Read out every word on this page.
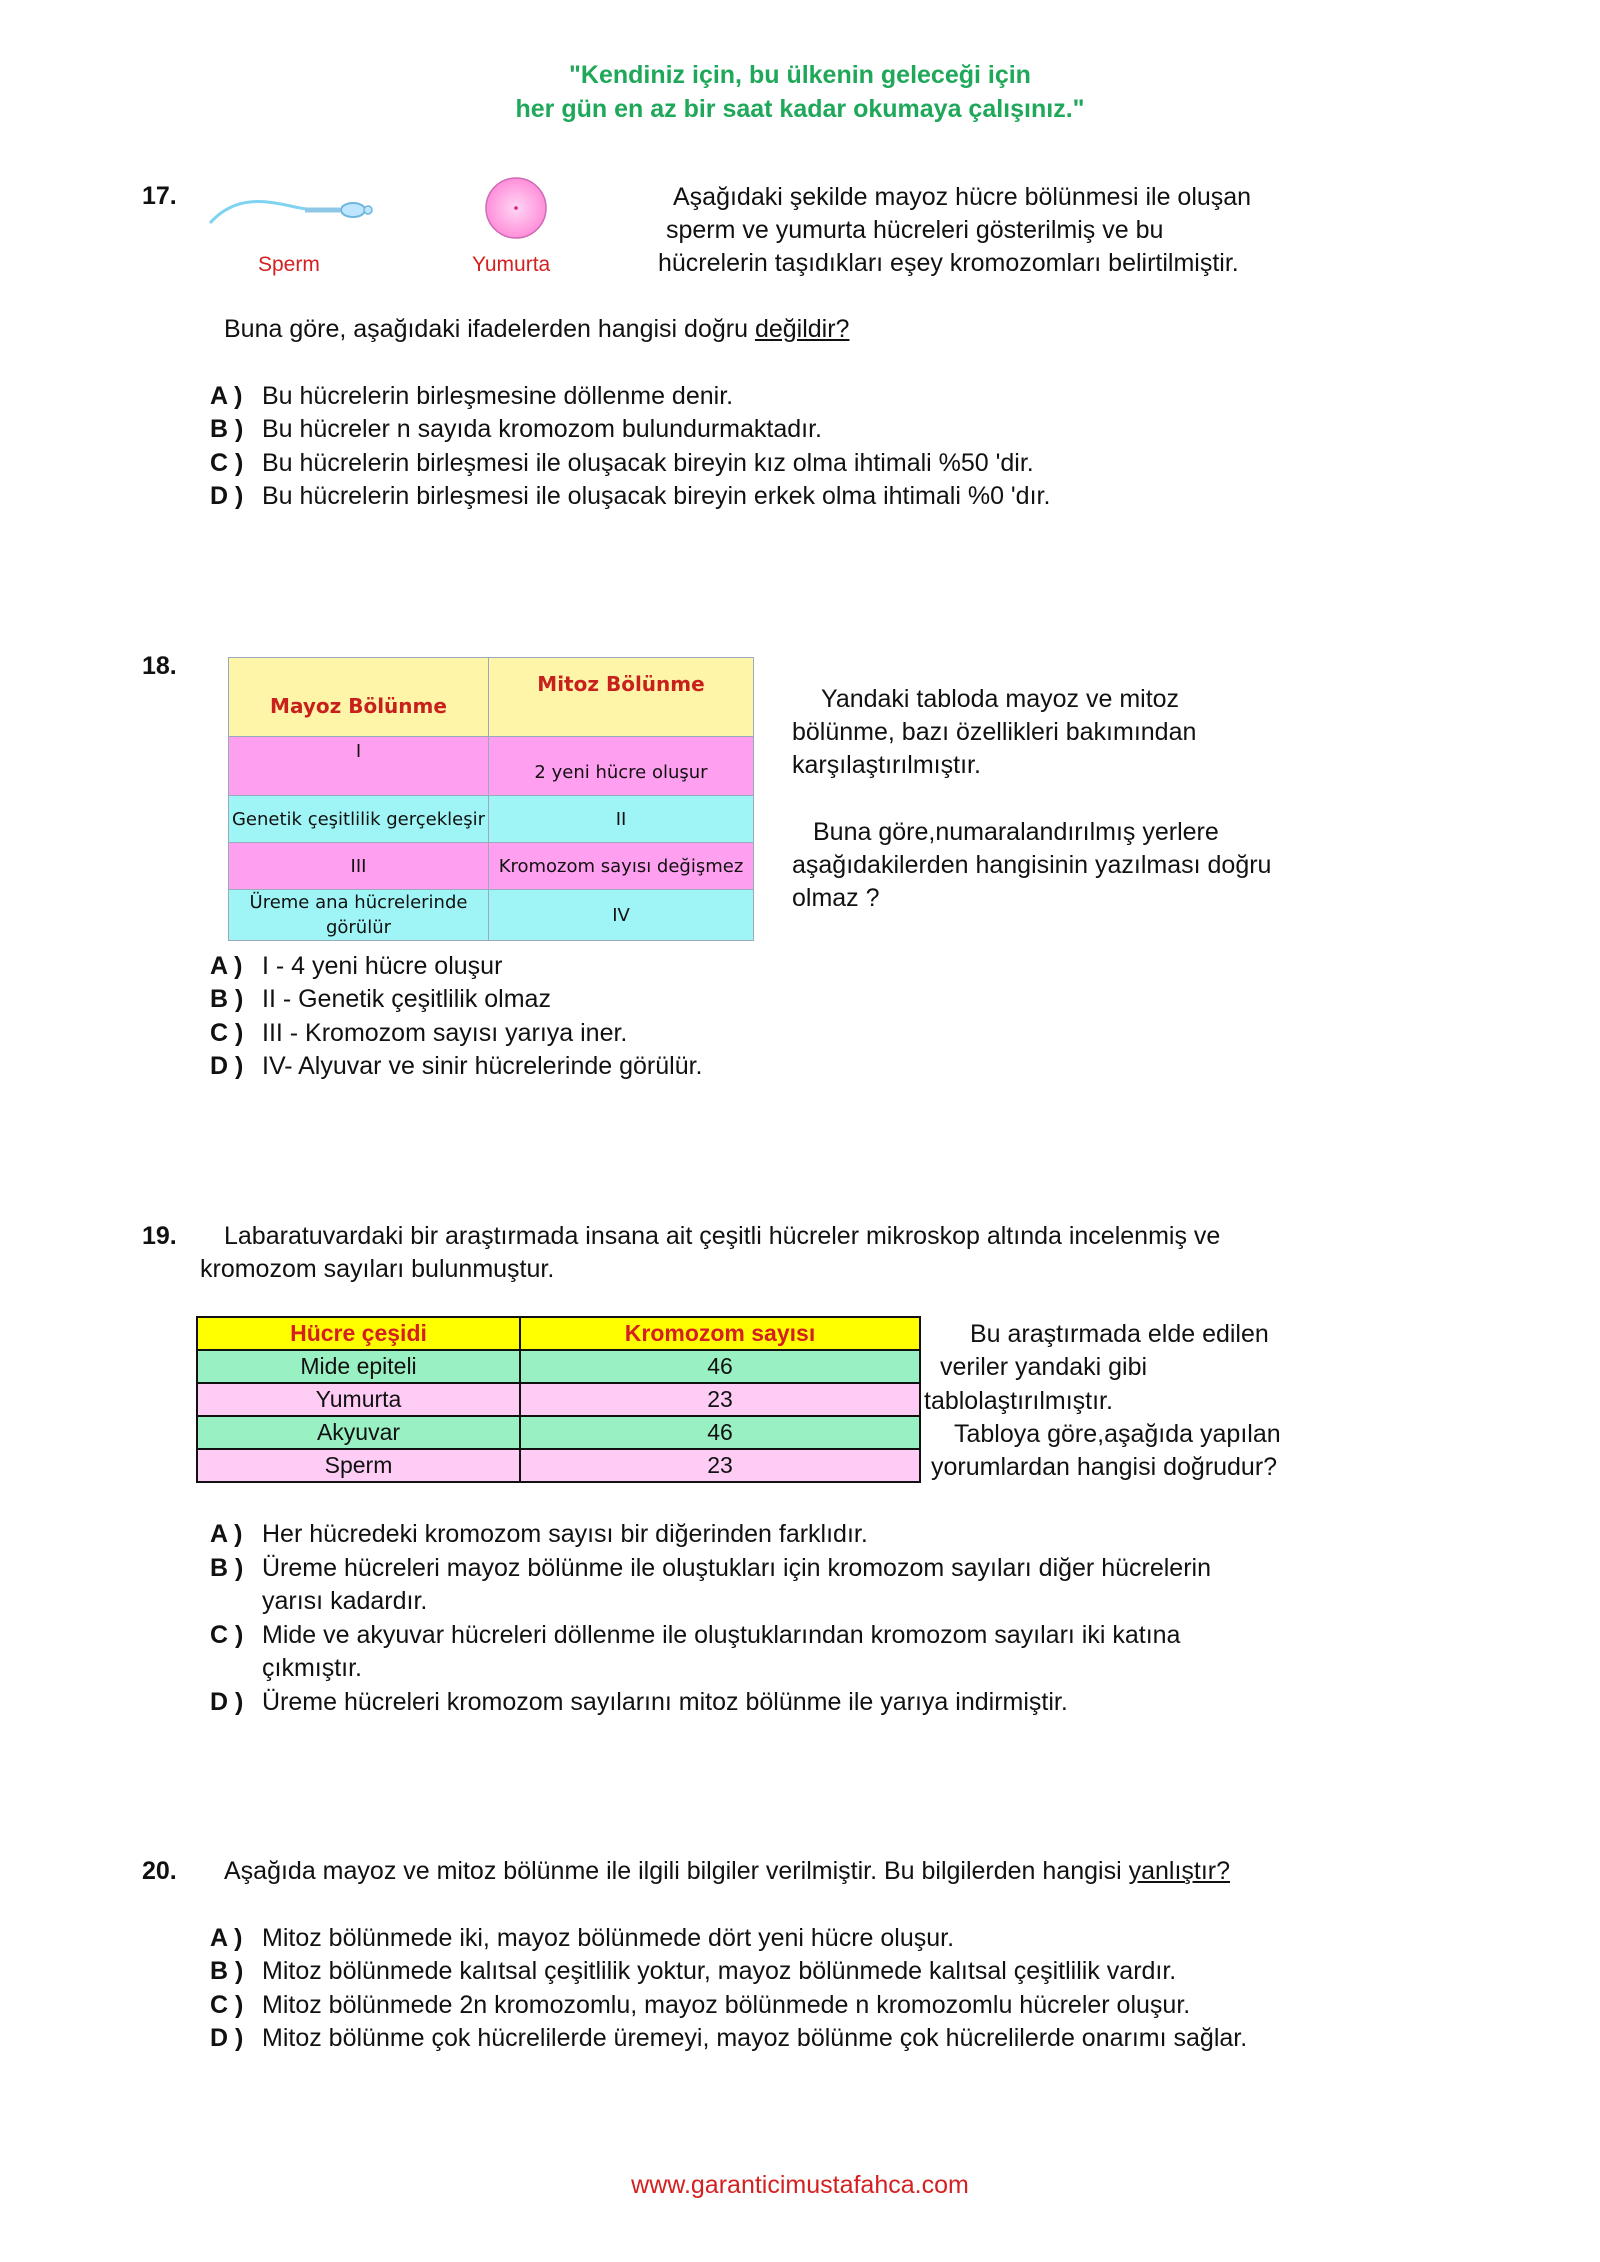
"Kendiniz için, bu ülkenin geleceği için
her gün en az bir saat kadar okumaya çalışınız."
17.
Sperm	Yumurta
Aşağıdaki şekilde mayoz hücre bölünmesi ile oluşan
sperm ve yumurta hücreleri gösterilmiş ve bu
hücrelerin taşıdıkları eşey kromozomları belirtilmiştir.
Buna göre, aşağıdaki ifadelerden hangisi doğru değildir?
A ) Bu hücrelerin birleşmesine döllenme denir.
B ) Bu hücreler n sayıda kromozom bulundurmaktadır.
C ) Bu hücrelerin birleşmesi ile oluşacak bireyin kız olma ihtimali %50 'dir.
D ) Bu hücrelerin birleşmesi ile oluşacak bireyin erkek olma ihtimali %0 'dır.
18.
Mayoz Bölünme	Mitoz Bölünme
I	2 yeni hücre oluşur
Genetik çeşitlilik gerçekleşir	II
III	Kromozom sayısı değişmez
Üreme ana hücrelerinde görülür	IV
Yandaki tabloda mayoz ve mitoz
bölünme, bazı özellikleri bakımından
karşılaştırılmıştır.
Buna göre,numaralandırılmış yerlere
aşağıdakilerden hangisinin yazılması doğru
olmaz ?
A ) I - 4 yeni hücre oluşur
B ) II - Genetik çeşitlilik olmaz
C ) III - Kromozom sayısı yarıya iner.
D ) IV- Alyuvar ve sinir hücrelerinde görülür.
19. Labaratuvardaki bir araştırmada insana ait çeşitli hücreler mikroskop altında incelenmiş ve
kromozom sayıları bulunmuştur.
Hücre çeşidi	Kromozom sayısı
Mide epiteli	46
Yumurta	23
Akyuvar	46
Sperm	23
Bu araştırmada elde edilen
veriler yandaki gibi
tablolaştırılmıştır.
Tabloya göre,aşağıda yapılan
yorumlardan hangisi doğrudur?
A ) Her hücredeki kromozom sayısı bir diğerinden farklıdır.
B ) Üreme hücreleri mayoz bölünme ile oluştukları için kromozom sayıları diğer hücrelerin
yarısı kadardır.
C ) Mide ve akyuvar hücreleri döllenme ile oluştuklarından kromozom sayıları iki katına
çıkmıştır.
D ) Üreme hücreleri kromozom sayılarını mitoz bölünme ile yarıya indirmiştir.
20. Aşağıda mayoz ve mitoz bölünme ile ilgili bilgiler verilmiştir. Bu bilgilerden hangisi yanlıştır?
A ) Mitoz bölünmede iki, mayoz bölünmede dört yeni hücre oluşur.
B ) Mitoz bölünmede kalıtsal çeşitlilik yoktur, mayoz bölünmede kalıtsal çeşitlilik vardır.
C ) Mitoz bölünmede 2n kromozomlu, mayoz bölünmede n kromozomlu hücreler oluşur.
D ) Mitoz bölünme çok hücrelilerde üremeyi, mayoz bölünme çok hücrelilerde onarımı sağlar.
www.garanticimustafahca.com
